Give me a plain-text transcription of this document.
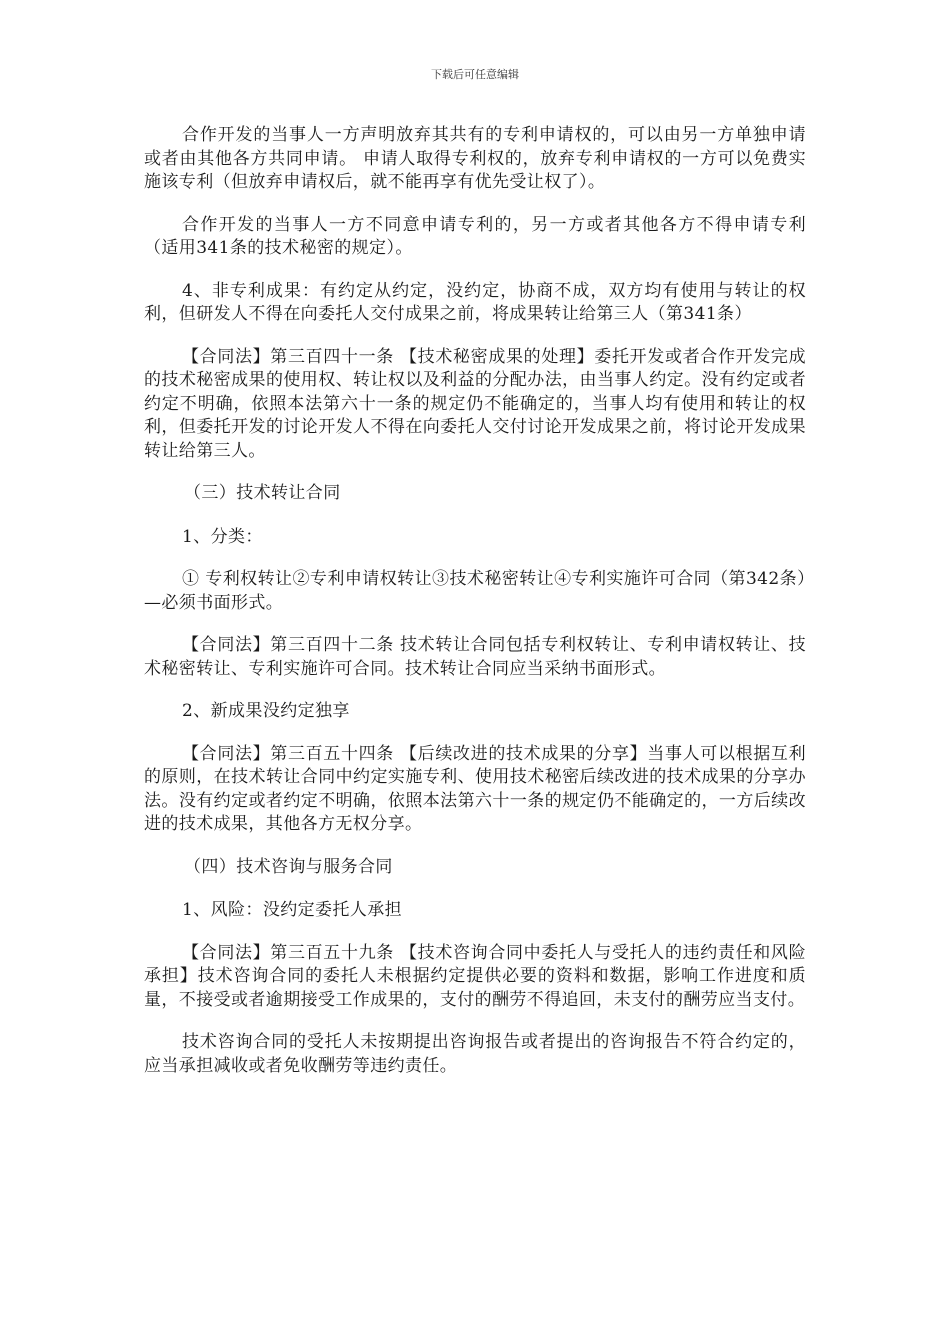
下载后可任意编辑

合作开发的当事人一方声明放弃其共有的专利申请权的，可以由另一方单独申请或者由其他各方共同申请。 申请人取得专利权的，放弃专利申请权的一方可以免费实施该专利（但放弃申请权后，就不能再享有优先受让权了）。

合作开发的当事人一方不同意申请专利的，另一方或者其他各方不得申请专利（适用341条的技术秘密的规定）。

4、非专利成果：有约定从约定，没约定，协商不成，双方均有使用与转让的权利，但研发人不得在向委托人交付成果之前，将成果转让给第三人（第341条）

【合同法】第三百四十一条 【技术秘密成果的处理】委托开发或者合作开发完成的技术秘密成果的使用权、转让权以及利益的分配办法，由当事人约定。没有约定或者约定不明确，依照本法第六十一条的规定仍不能确定的，当事人均有使用和转让的权利，但委托开发的讨论开发人不得在向委托人交付讨论开发成果之前，将讨论开发成果转让给第三人。

（三）技术转让合同

1、分类：

① 专利权转让②专利申请权转让③技术秘密转让④专利实施许可合同（第342条）—必须书面形式。

【合同法】第三百四十二条 技术转让合同包括专利权转让、专利申请权转让、技术秘密转让、专利实施许可合同。技术转让合同应当采纳书面形式。

2、新成果没约定独享

【合同法】第三百五十四条 【后续改进的技术成果的分享】当事人可以根据互利的原则，在技术转让合同中约定实施专利、使用技术秘密后续改进的技术成果的分享办法。没有约定或者约定不明确，依照本法第六十一条的规定仍不能确定的，一方后续改进的技术成果，其他各方无权分享。

（四）技术咨询与服务合同

1、风险：没约定委托人承担

【合同法】第三百五十九条 【技术咨询合同中委托人与受托人的违约责任和风险承担】技术咨询合同的委托人未根据约定提供必要的资料和数据，影响工作进度和质量，不接受或者逾期接受工作成果的，支付的酬劳不得追回，未支付的酬劳应当支付。

技术咨询合同的受托人未按期提出咨询报告或者提出的咨询报告不符合约定的，应当承担减收或者免收酬劳等违约责任。
